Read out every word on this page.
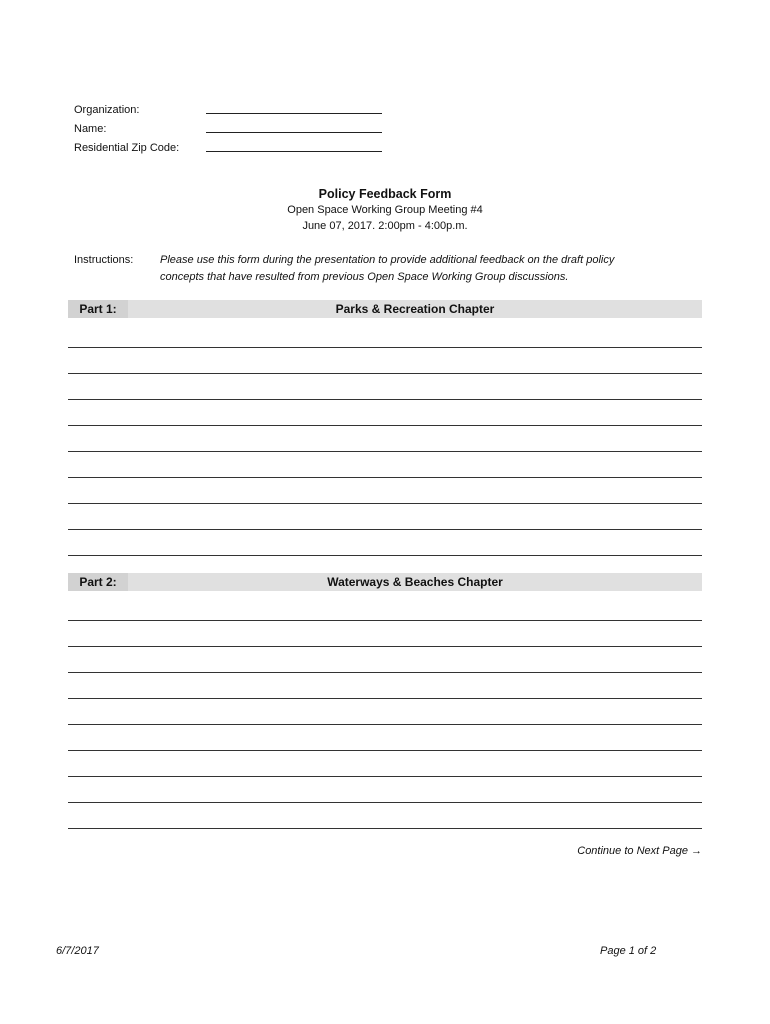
Organization:
Name:
Residential Zip Code:
Policy Feedback Form
Open Space Working Group Meeting #4
June 07, 2017. 2:00pm - 4:00p.m.
Instructions:	Please use this form during the presentation to provide additional feedback on the draft policy
concepts that have resulted from previous Open Space Working Group discussions.
Part 1:	Parks & Recreation Chapter
Part 2:	Waterways & Beaches Chapter
Continue to Next Page →
6/7/2017	Page 1 of 2
